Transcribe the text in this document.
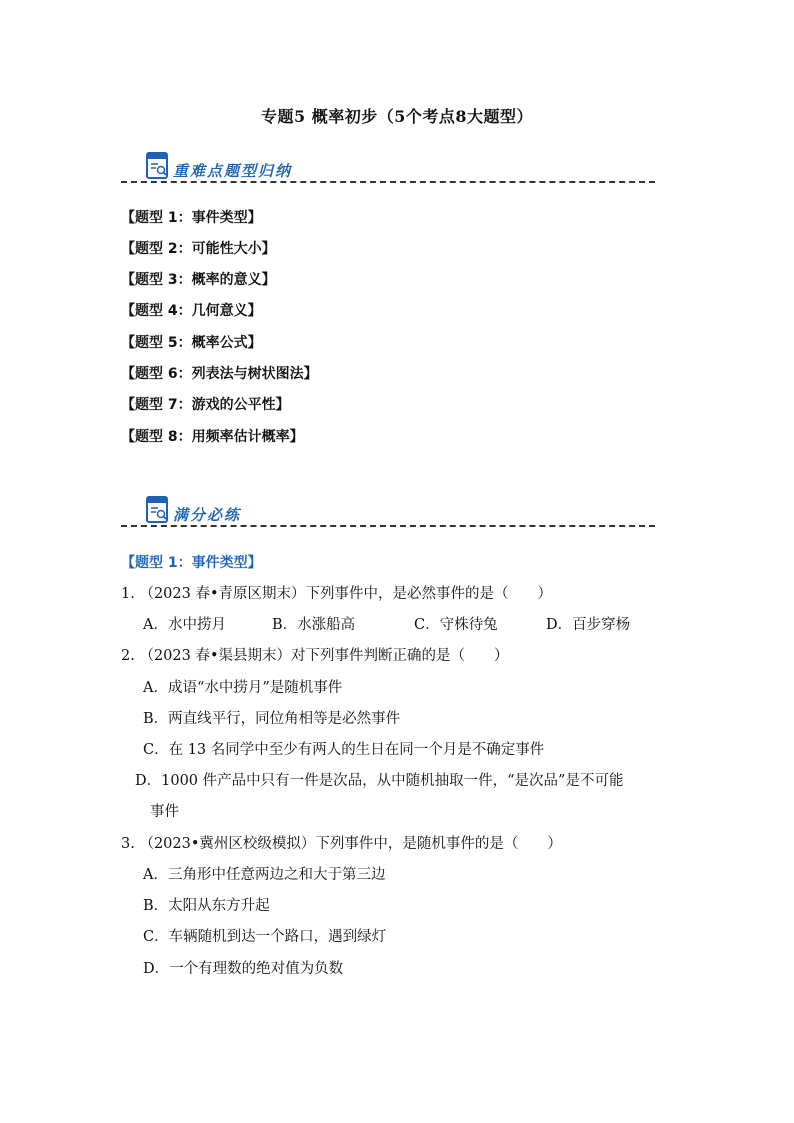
专题5 概率初步（5个考点8大题型）
重难点题型归纳
【题型 1：事件类型】
【题型 2：可能性大小】
【题型 3：概率的意义】
【题型 4：几何意义】
【题型 5：概率公式】
【题型 6：列表法与树状图法】
【题型 7：游戏的公平性】
【题型 8：用频率估计概率】
满分必练
【题型 1：事件类型】
1. （2023 春•青原区期末）下列事件中，是必然事件的是（　　）
A．水中捞月	B．水涨船高	C．守株待兔	D．百步穿杨
2. （2023 春•渠县期末）对下列事件判断正确的是（　　）
A．成语“水中捞月”是随机事件
B．两直线平行，同位角相等是必然事件
C．在 13 名同学中至少有两人的生日在同一个月是不确定事件
D．1000 件产品中只有一件是次品，从中随机抽取一件，“是次品”是不可能
事件
3. （2023•冀州区校级模拟）下列事件中，是随机事件的是（　　）
A．三角形中任意两边之和大于第三边
B．太阳从东方升起
C．车辆随机到达一个路口，遇到绿灯
D．一个有理数的绝对值为负数
